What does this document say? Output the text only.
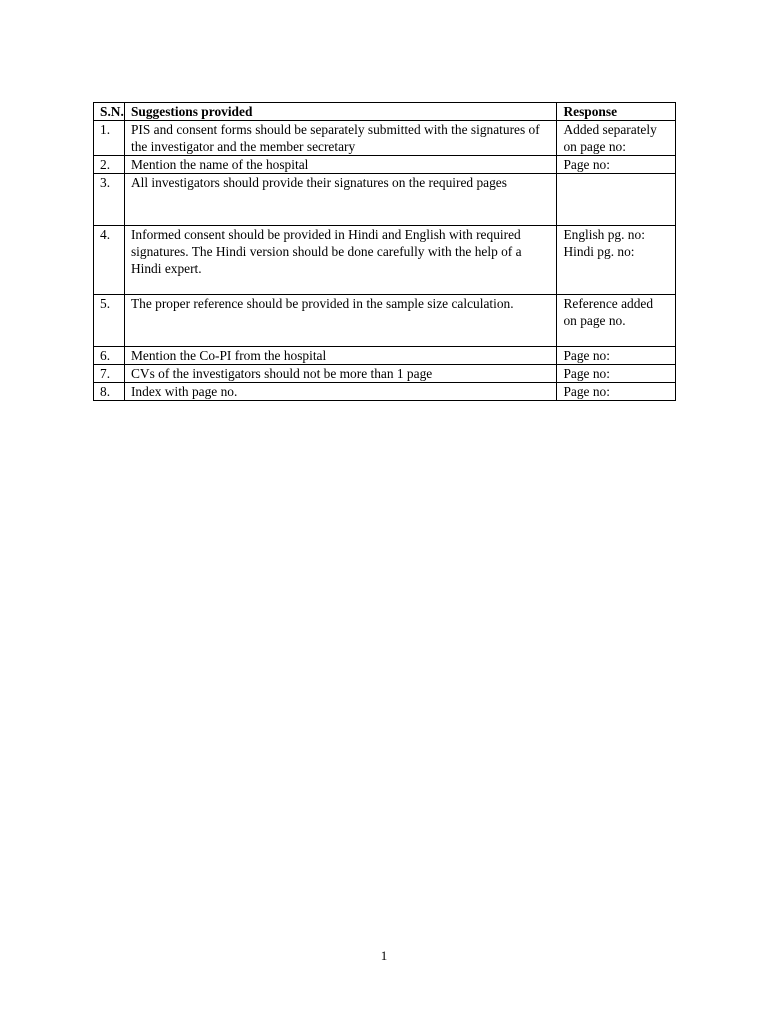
S.N.	Suggestions provided	Response
1.	PIS and consent forms should be separately submitted with the signatures of the investigator and the member secretary	Added separately on page no:
2.	Mention the name of the hospital	Page no:
3.	All investigators should provide their signatures on the required pages	
4.	Informed consent should be provided in Hindi and English with required signatures. The Hindi version should be done carefully with the help of a Hindi expert.	English pg. no:
Hindi pg. no:
5.	The proper reference should be provided in the sample size calculation.	Reference added on page no.
6.	Mention the Co-PI from the hospital	Page no:
7.	CVs of the investigators should not be more than 1 page	Page no:
8.	Index with page no.	Page no:
1
